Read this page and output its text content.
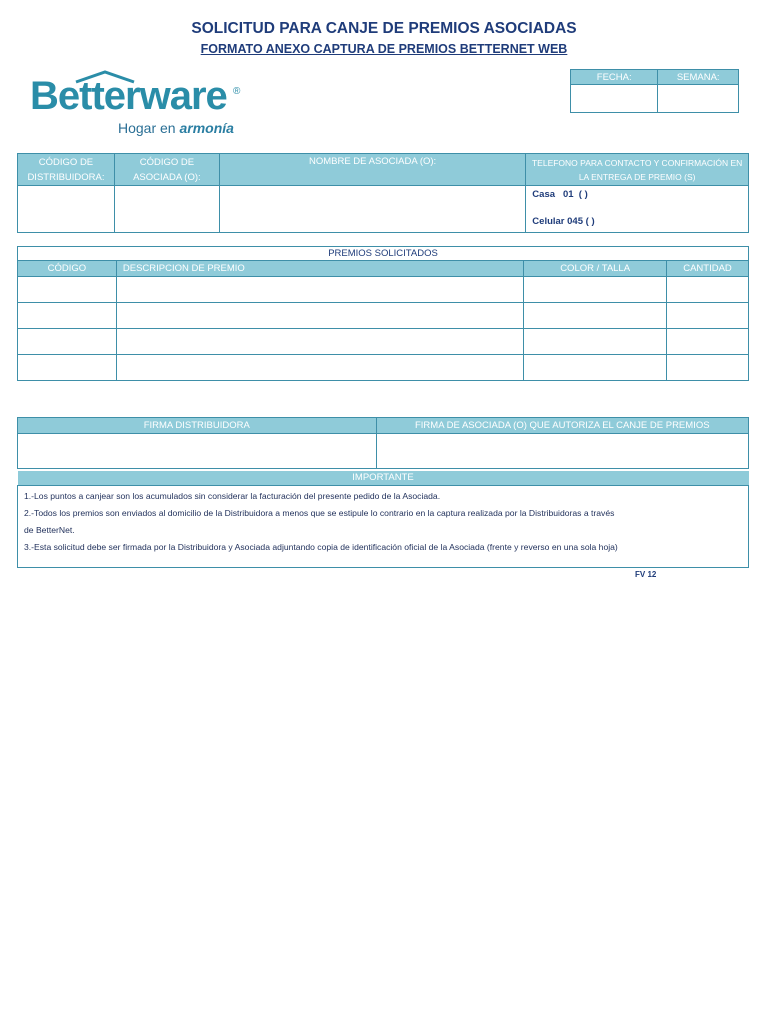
SOLICITUD PARA CANJE DE PREMIOS ASOCIADAS
FORMATO ANEXO CAPTURA DE PREMIOS BETTERNET WEB
Betterware ®
Hogar en armonía
FECHA:	SEMANA:

CÓDIGO DE DISTRIBUIDORA:	CÓDIGO DE ASOCIADA (O):	NOMBRE DE ASOCIADA (O):	TELEFONO PARA CONTACTO Y CONFIRMACIÓN EN LA ENTREGA DE PREMIO (S)

			Casa 01 ( )
Celular 045 ( )
PREMIOS SOLICITADOS			
CÓDIGO	DESCRIPCION DE PREMIO	COLOR / TALLA	CANTIDAD

FIRMA DISTRIBUIDORA	FIRMA DE ASOCIADA (O) QUE AUTORIZA EL CANJE DE PREMIOS

IMPORTANTE

1.-Los puntos a canjear son los acumulados sin considerar la facturación del presente pedido de la Asociada.
2.-Todos los premios son enviados al domicilio de la Distribuidora a menos que se estipule lo contrario en la captura realizada por la Distribuidoras a través
de BetterNet.
3.-Esta solicitud debe ser firmada por la Distribuidora y Asociada adjuntando copia de identificación oficial de la Asociada (frente y reverso en una sola hoja)
FV 12
